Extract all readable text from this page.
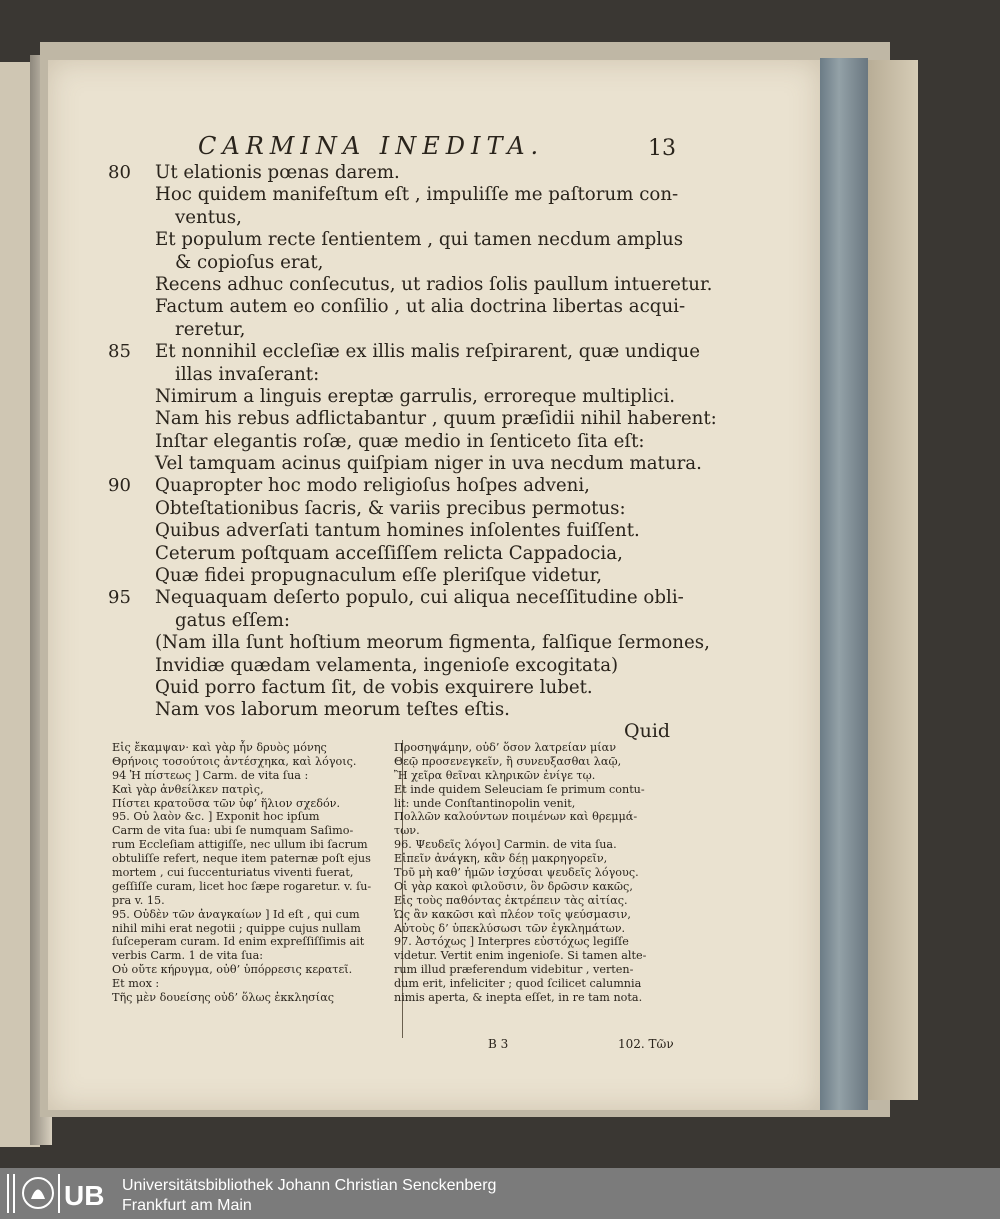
CARMINA INEDITA.	13
80	Ut elationis pœnas darem.
Hoc quidem manifeſtum eſt , impuliſſe me paſtorum con-
ventus,
Et populum recte ſentientem , qui tamen necdum amplus
& copioſus erat,
Recens adhuc conſecutus, ut radios ſolis paullum intueretur.
Factum autem eo conſilio , ut alia doctrina libertas acqui-
reretur,
85	Et nonnihil eccleſiæ ex illis malis reſpirarent, quæ undique
illas invaſerant:
Nimirum a linguis ereptæ garrulis, erroreque multiplici.
Nam his rebus adflictabantur , quum præſidii nihil haberent:
Inſtar elegantis roſæ, quæ medio in ſenticeto ſita eſt:
Vel tamquam acinus quiſpiam niger in uva necdum matura.
90	Quapropter hoc modo religioſus hoſpes adveni,
Obteſtationibus ſacris, & variis precibus permotus:
Quibus adverſati tantum homines inſolentes fuiſſent.
Ceterum poſtquam acceſſiſſem relicta Cappadocia,
Quæ fidei propugnaculum eſſe pleriſque videtur,
95	Nequaquam deſerto populo, cui aliqua neceſſitudine obli-
gatus eſſem:
(Nam illa ſunt hoſtium meorum figmenta, falſique ſermones,
Invidiæ quædam velamenta, ingenioſe excogitata)
Quid porro factum ſit, de vobis exquirere lubet.
Nam vos laborum meorum teſtes eſtis.
Quid
Εἰς ἔκαμψαν· καὶ γὰρ ἦν δρυὸς μόνης
Θρήνοις τοσούτοις ἀντέσχηκα, καὶ λόγοις.
94 Ἡ πίστεως ] Carm. de vita ſua :
Καὶ γὰρ ἀνθείλκεν πατρὶς,
Πίστει κρατοῦσα τῶν ὑφ’ ἥλιον σχεδόν.
95. Οὐ λαὸν &c. ] Exponit hoc ipſum
Carm de vita ſua: ubi ſe numquam Saſimo-
rum Eccleſiam attigiſſe, nec ullum ibi ſacrum
obtuliſſe refert, neque item paternæ poſt ejus
mortem , cui ſuccenturiatus viventi fuerat,
geſſiſſe curam, licet hoc ſæpe rogaretur. v. ſu-
pra v. 15.
95. Οὐδὲν τῶν ἀναγκαίων ] Id eſt , qui cum
nihil mihi erat negotii ; quippe cujus nullam
ſuſceperam curam. Id enim expreſſiſſimis ait
verbis Carm. 1 de vita ſua:
Οὐ οὔτε κήρυγμα, οὐθ’ ὑπόρρεσις κερατεῖ.
Et mox :
Τῆς μὲν δουείσης οὐδ’ ὅλως ἐκκλησίας
Προσηψάμην, οὐδ’ ὅσον λατρείαν μίαν
Θεῷ προσενεγκεῖν, ἢ συνευξασθαι λαῷ,
Ἢ χεῖρα θεῖναι κληρικῶν ἐνίγε τῳ.
Et inde quidem Seleuciam ſe primum contu-
lit: unde Conſtantinopolin venit,
Πολλῶν καλούντων ποιμένων καὶ θρεμμά-
των.
96. Ψευδεῖς λόγοι] Carmin. de vita ſua.
Εἰπεῖν ἀνάγκη, κἂν δέῃ μακρηγορεῖν,
Τοῦ μὴ καθ’ ἡμῶν ἰσχύσαι ψευδεῖς λόγους.
Οἱ γὰρ κακοὶ φιλοῦσιν, ὃν δρῶσιν κακῶς,
Εἰς τοὺς παθόντας ἐκτρέπειν τὰς αἰτίας.
Ὡς ἂν κακῶσι καὶ πλέον τοῖς ψεύσμασιν,
Αὐτοὺς δ’ ὑπεκλύσωσι τῶν ἐγκλημάτων.
97. Ἀστόχως ] Interpres εὐστόχως legiſſe
videtur. Vertit enim ingenioſe. Si tamen alte-
rum illud præferendum videbitur , verten-
dum erit, infeliciter ; quod ſcilicet calumnia
nimis aperta, & inepta eſſet, in re tam nota.
B 3	102. Τῶν
UB Universitätsbibliothek Johann Christian Senckenberg
Frankfurt am Main
